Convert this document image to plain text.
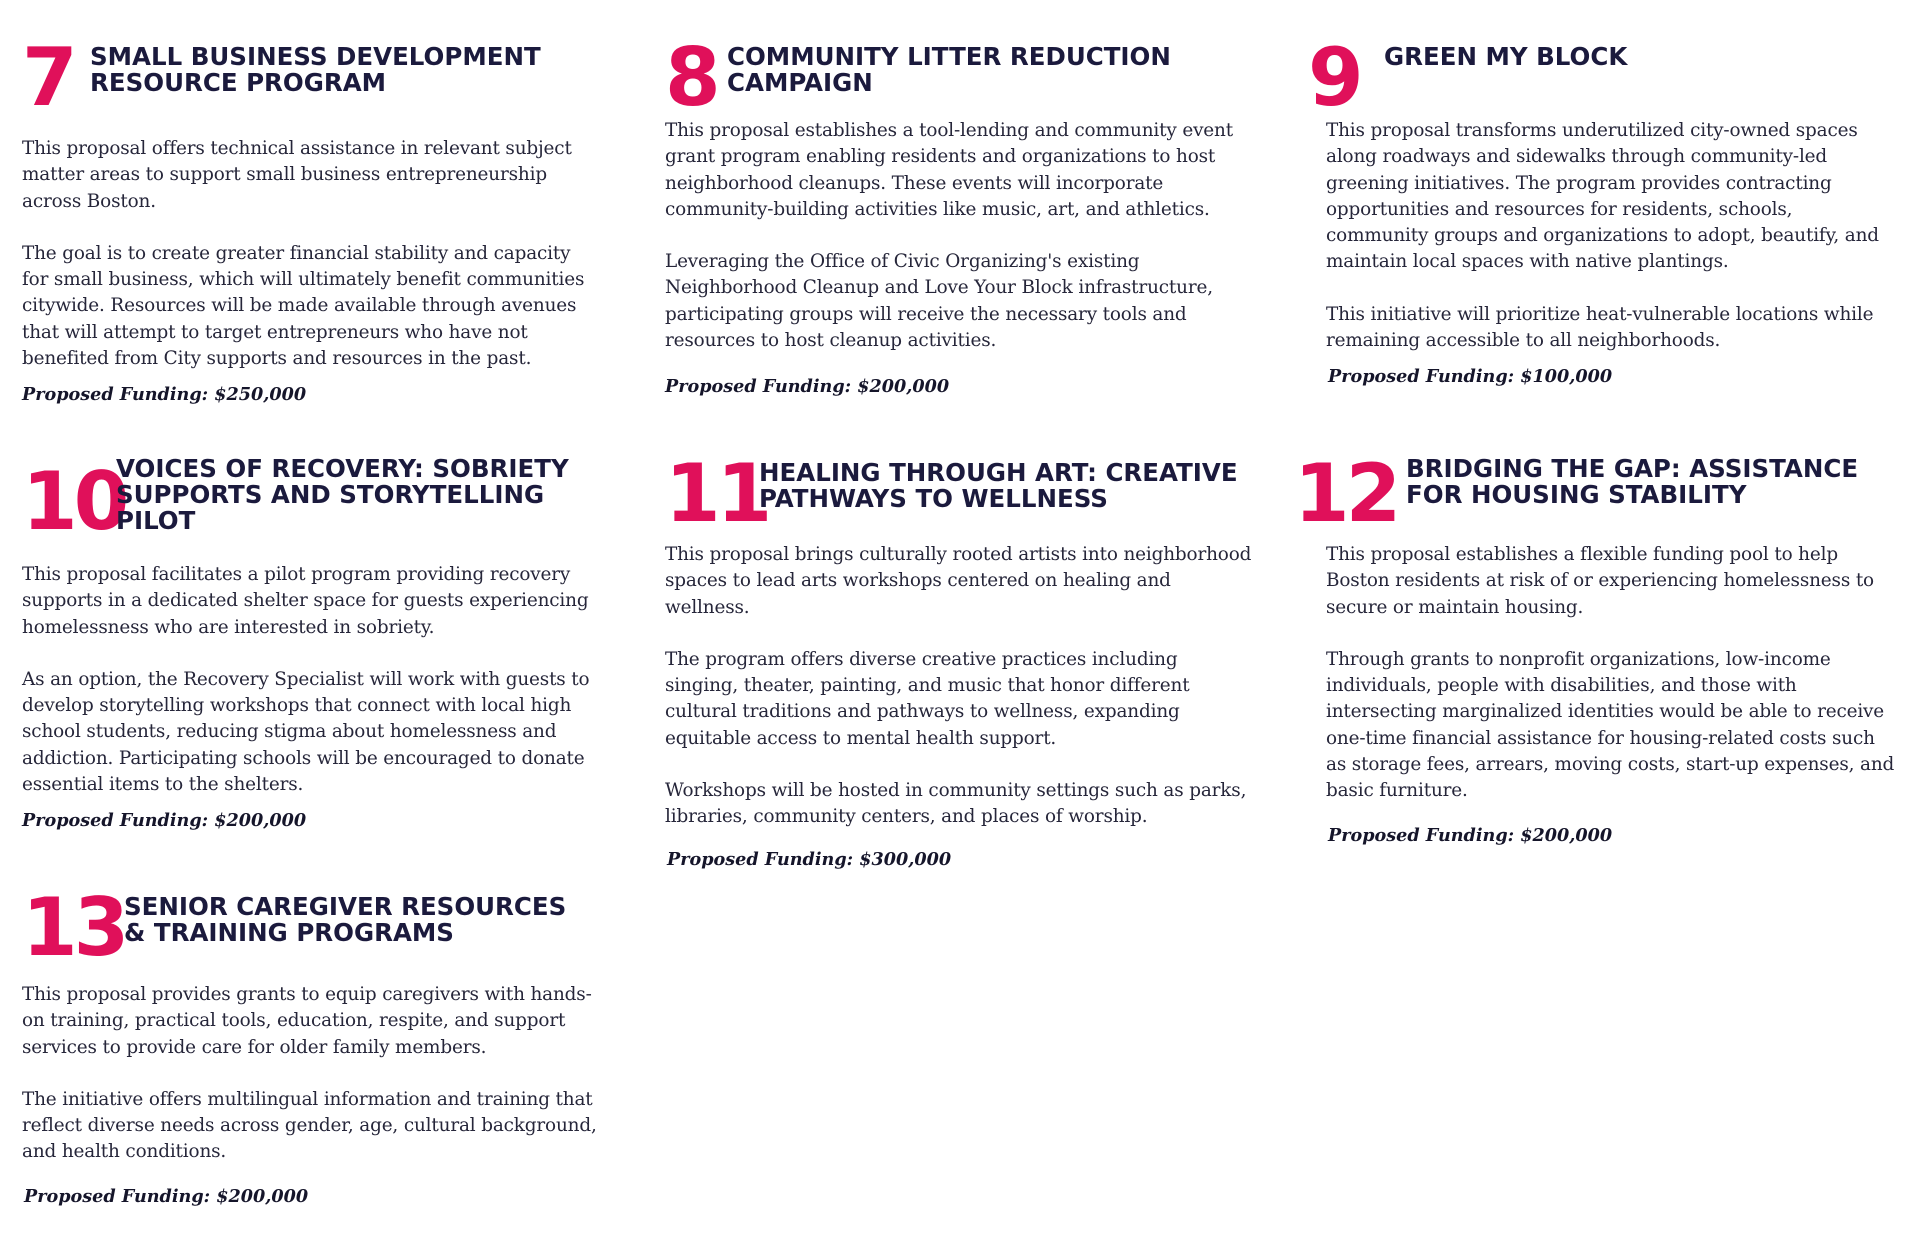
7 SMALL BUSINESS DEVELOPMENT RESOURCE PROGRAM

This proposal offers technical assistance in relevant subject matter areas to support small business entrepreneurship across Boston.

The goal is to create greater financial stability and capacity for small business, which will ultimately benefit communities citywide. Resources will be made available through avenues that will attempt to target entrepreneurs who have not benefited from City supports and resources in the past.

Proposed Funding: $250,000
8 COMMUNITY LITTER REDUCTION CAMPAIGN

This proposal establishes a tool-lending and community event grant program enabling residents and organizations to host neighborhood cleanups. These events will incorporate community-building activities like music, art, and athletics.

Leveraging the Office of Civic Organizing's existing Neighborhood Cleanup and Love Your Block infrastructure, participating groups will receive the necessary tools and resources to host cleanup activities.

Proposed Funding: $200,000
9 GREEN MY BLOCK

This proposal transforms underutilized city-owned spaces along roadways and sidewalks through community-led greening initiatives. The program provides contracting opportunities and resources for residents, schools, community groups and organizations to adopt, beautify, and maintain local spaces with native plantings.

This initiative will prioritize heat-vulnerable locations while remaining accessible to all neighborhoods.

Proposed Funding: $100,000
10
VOICES OF RECOVERY: SOBRIETY SUPPORTS AND STORYTELLING PILOT

This proposal facilitates a pilot program providing recovery supports in a dedicated shelter space for guests experiencing homelessness who are interested in sobriety.

As an option, the Recovery Specialist will work with guests to develop storytelling workshops that connect with local high school students, reducing stigma about homelessness and addiction. Participating schools will be encouraged to donate essential items to the shelters.

Proposed Funding: $200,000
11
HEALING THROUGH ART: CREATIVE PATHWAYS TO WELLNESS

This proposal brings culturally rooted artists into neighborhood spaces to lead arts workshops centered on healing and wellness.

The program offers diverse creative practices including singing, theater, painting, and music that honor different cultural traditions and pathways to wellness, expanding equitable access to mental health support.

Workshops will be hosted in community settings such as parks, libraries, community centers, and places of worship.

Proposed Funding: $300,000
12 BRIDGING THE GAP: ASSISTANCE FOR HOUSING STABILITY

This proposal establishes a flexible funding pool to help Boston residents at risk of or experiencing homelessness to secure or maintain housing.

Through grants to nonprofit organizations, low-income individuals, people with disabilities, and those with intersecting marginalized identities would be able to receive one-time financial assistance for housing-related costs such as storage fees, arrears, moving costs, start-up expenses, and basic furniture.

Proposed Funding: $200,000
13
SENIOR CAREGIVER RESOURCES & TRAINING PROGRAMS

This proposal provides grants to equip caregivers with hands-on training, practical tools, education, respite, and support services to provide care for older family members.

The initiative offers multilingual information and training that reflect diverse needs across gender, age, cultural background, and health conditions.

Proposed Funding: $200,000
